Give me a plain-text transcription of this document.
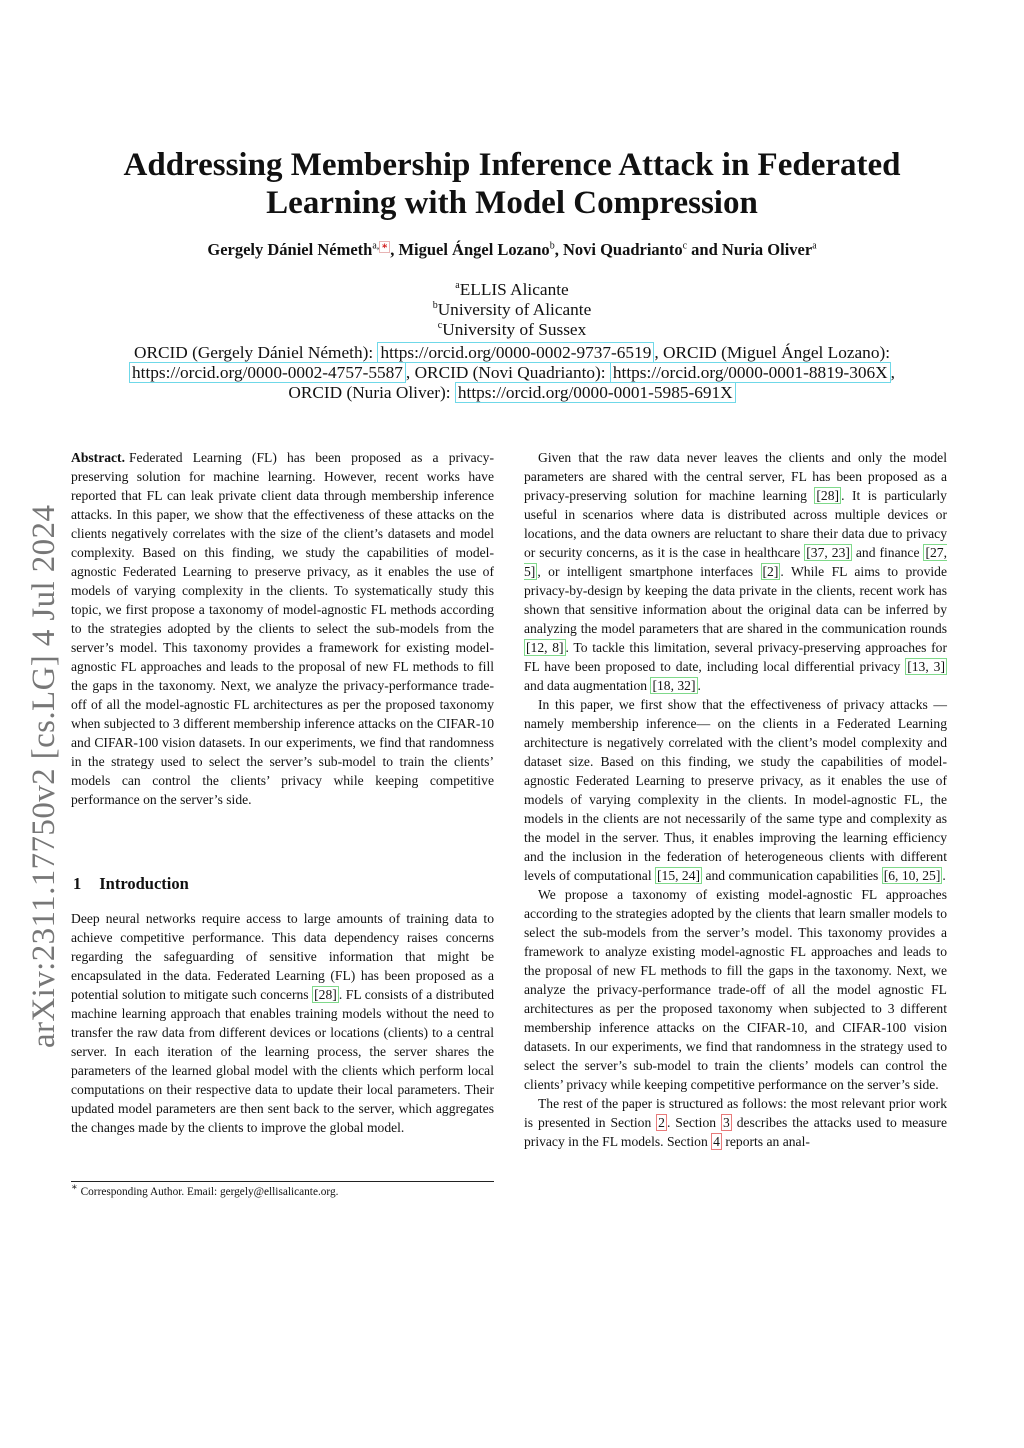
arXiv:2311.17750v2 [cs.LG] 4 Jul 2024
Addressing Membership Inference Attack in Federated Learning with Model Compression
Gergely Dániel Németh$^{a,}$ ∗ , Miguel Ángel Lozano$^b$, Novi Quadrianto$^c$ and Nuria Oliver$^a$
$^a$ELLIS Alicante
$^b$University of Alicante
$^c$University of Sussex
ORCID (Gergely Dániel Németh): https://orcid.org/0000-0002-9737-6519 , ORCID (Miguel Ángel Lozano):
https://orcid.org/0000-0002-4757-5587 , ORCID (Novi Quadrianto): https://orcid.org/0000-0001-8819-306X ,
ORCID (Nuria Oliver): https://orcid.org/0000-0001-5985-691X

Abstract. Federated Learning (FL) has been proposed as a privacy-preserving solution for machine learning. However, recent works have reported that FL can leak private client data through membership inference attacks. In this paper, we show that the effectiveness of these attacks on the clients negatively correlates with the size of the client’s datasets and model complexity. Based on this finding, we study the capabilities of model-agnostic Federated Learning to preserve privacy, as it enables the use of models of varying complexity in the clients. To systematically study this topic, we first propose a taxonomy of model-agnostic FL methods according to the strategies adopted by the clients to select the sub-models from the server’s model. This taxonomy provides a framework for existing model-agnostic FL approaches and leads to the proposal of new FL methods to fill the gaps in the taxonomy. Next, we analyze the privacy-performance trade-off of all the model-agnostic FL architectures as per the proposed taxonomy when subjected to 3 different membership inference attacks on the CIFAR-10 and CIFAR-100 vision datasets. In our experiments, we find that randomness in the strategy used to select the server’s sub-model to train the clients’ models can control the clients’ privacy while keeping competitive performance on the server’s side.

1 Introduction

Deep neural networks require access to large amounts of training data to achieve competitive performance. This data dependency raises concerns regarding the safeguarding of sensitive information that might be encapsulated in the data. Federated Learning (FL) has been proposed as a potential solution to mitigate such concerns [28] . FL consists of a distributed machine learning approach that enables training models without the need to transfer the raw data from different devices or locations (clients) to a central server. In each iteration of the learning process, the server shares the parameters of the learned global model with the clients which perform local computations on their respective data to update their local parameters. Their updated model parameters are then sent back to the server, which aggregates the changes made by the clients to improve the global model.

∗ Corresponding Author. Email: gergely@ellisalicante.org.

Given that the raw data never leaves the clients and only the model parameters are shared with the central server, FL has been proposed as a privacy-preserving solution for machine learning [28] . It is particularly useful in scenarios where data is distributed across multiple devices or locations, and the data owners are reluctant to share their data due to privacy or security concerns, as it is the case in healthcare [37, 23] and finance [27, 5] , or intelligent smartphone interfaces [2] . While FL aims to provide privacy-by-design by keeping the data private in the clients, recent work has shown that sensitive information about the original data can be inferred by analyzing the model parameters that are shared in the communication rounds [12, 8] . To tackle this limitation, several privacy-preserving approaches for FL have been proposed to date, including local differential privacy [13, 3] and data augmentation [18, 32] .

In this paper, we first show that the effectiveness of privacy attacks —namely membership inference— on the clients in a Federated Learning architecture is negatively correlated with the client’s model complexity and dataset size. Based on this finding, we study the capabilities of model-agnostic Federated Learning to preserve privacy, as it enables the use of models of varying complexity in the clients. In model-agnostic FL, the models in the clients are not necessarily of the same type and complexity as the model in the server. Thus, it enables improving the learning efficiency and the inclusion in the federation of heterogeneous clients with different levels of computational [15, 24] and communication capabilities [6, 10, 25] .

We propose a taxonomy of existing model-agnostic FL approaches according to the strategies adopted by the clients that learn smaller models to select the sub-models from the server’s model. This taxonomy provides a framework to analyze existing model-agnostic FL approaches and leads to the proposal of new FL methods to fill the gaps in the taxonomy. Next, we analyze the privacy-performance trade-off of all the model agnostic FL architectures as per the proposed taxonomy when subjected to 3 different membership inference attacks on the CIFAR-10, and CIFAR-100 vision datasets. In our experiments, we find that randomness in the strategy used to select the server’s sub-model to train the clients’ models can control the clients’ privacy while keeping competitive performance on the server’s side.

The rest of the paper is structured as follows: the most relevant prior work is presented in Section 2 . Section 3 describes the attacks used to measure privacy in the FL models. Section 4 reports an anal-
